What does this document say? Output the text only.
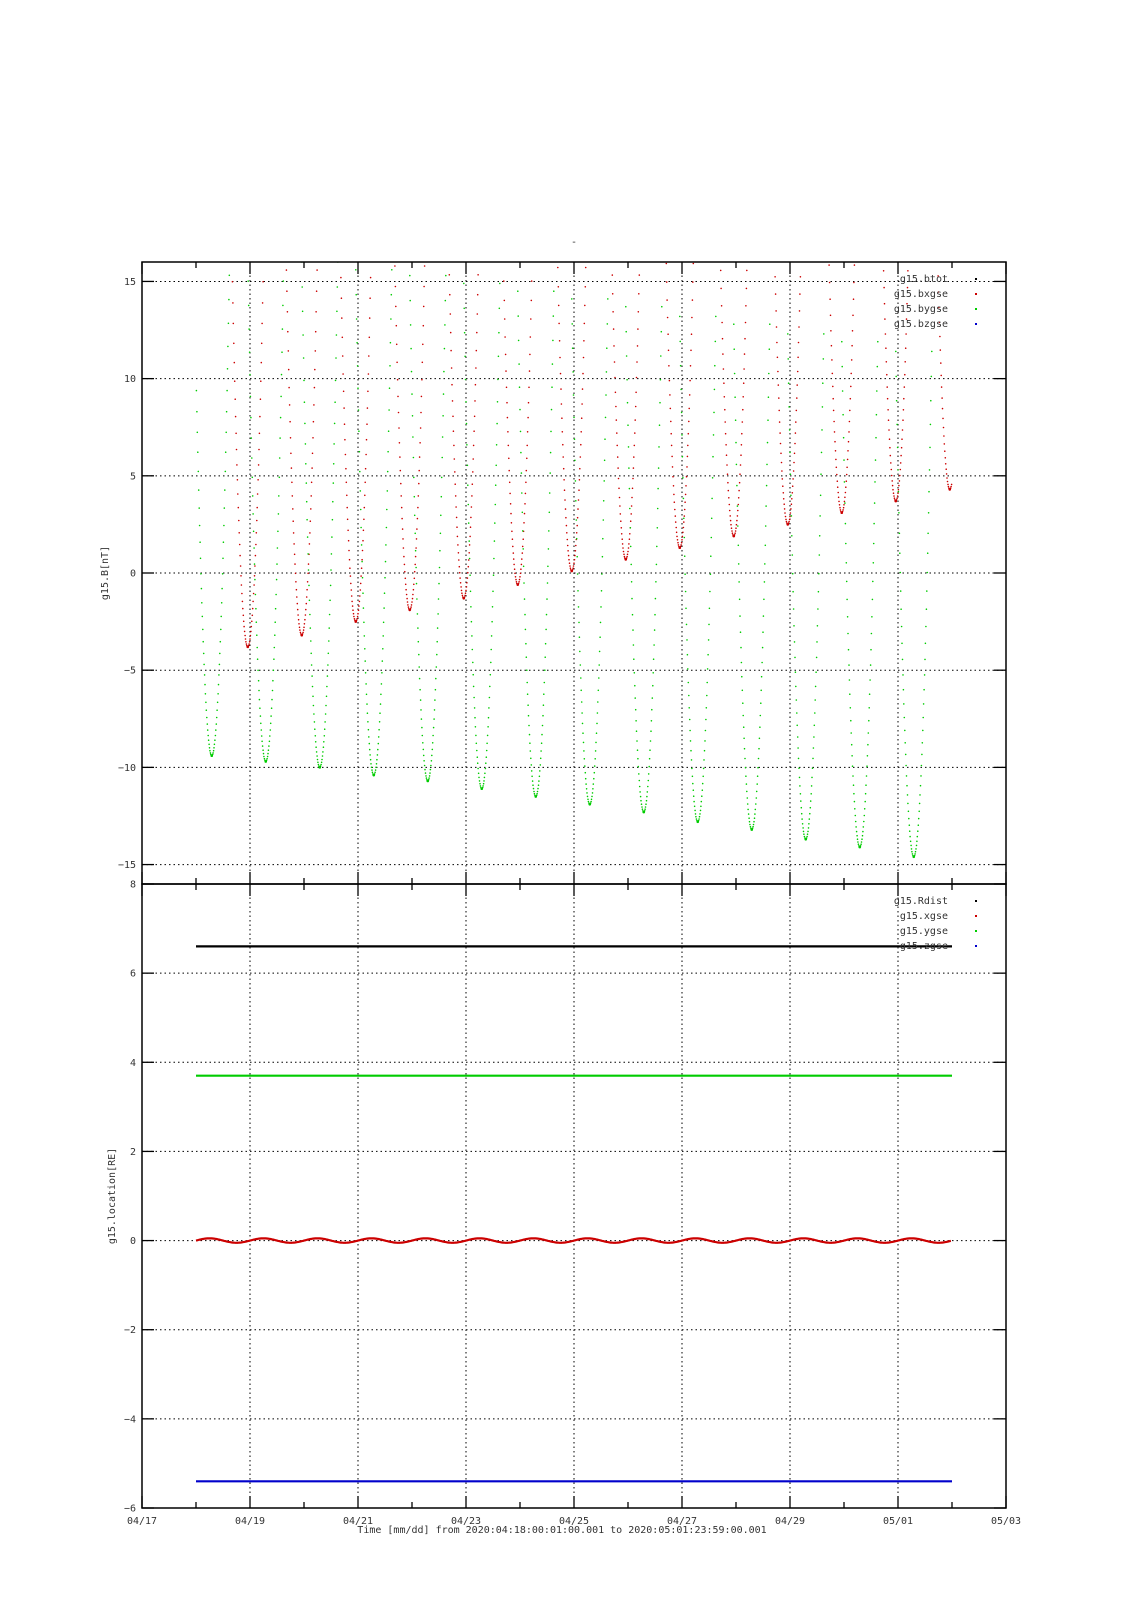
-
15
10
5
0
−5
−10
−15
g15.B[nT]
g15.btot
g15.bxgse
g15.bygse
g15.bzgse
8
6
4
2
0
−2
−4
−6
g15.location[RE]
g15.Rdist
g15.xgse
g15.ygse
g15.zgse
04/17	04/19	04/21	04/23	04/25	04/27	04/29	05/01	05/03
Time [mm/dd] from 2020:04:18:00:01:00.001 to 2020:05:01:23:59:00.001
